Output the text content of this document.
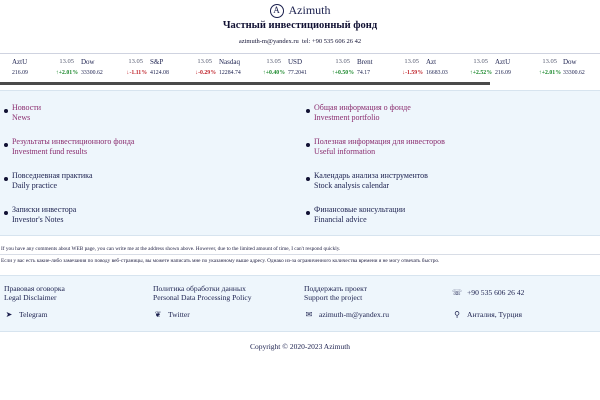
A Azimuth
Частный инвестиционный фонд
azimuth-m@yandex.ru tel: +90 535 606 26 42
AztU	13.05
216.09	↑+2.01%
Dow	13.05
33300.62	↓-1.11%
S&P	13.05
4124.08	↓-0.29%
Nasdaq	13.05
12284.74	↑+0.40%
USD	13.05
77.2041	↑+0.50%
Brent	13.05
74.17	↓-1.59%
Azt	13.05
16683.03	↑+2.52%
AztU	13.05
216.09	↑+2.01%
Dow
33300.62
Новости
News
Результаты инвестиционного фонда
Investment fund results
Повседневная практика
Daily practice
Записки инвестора
Investor's Notes
Общая информация о фонде
Investment portfolio
Полезная информация для инвесторов
Useful information
Календарь анализа инструментов
Stock analysis calendar
Финансовые консультации
Financial advice
If you have any comments about WEB page, you can write me at the address shown above. However, due to the limited amount of time, I can't respond quickly.
Если у вас есть какие-либо замечания по поводу веб-страницы, вы можете написать мне по указанному выше адресу. Однако из-за ограниченного количества времени я не могу отвечать быстро.
Правовая оговорка
Legal Disclaimer
Политика обработки данных
Personal Data Processing Policy
Поддержать проект
Support the project
☏ +90 535 606 26 42
➤ Telegram	❦ Twitter	✉ azimuth-m@yandex.ru	⚲ Анталия, Турция
Copyright © 2020-2023 Azimuth
